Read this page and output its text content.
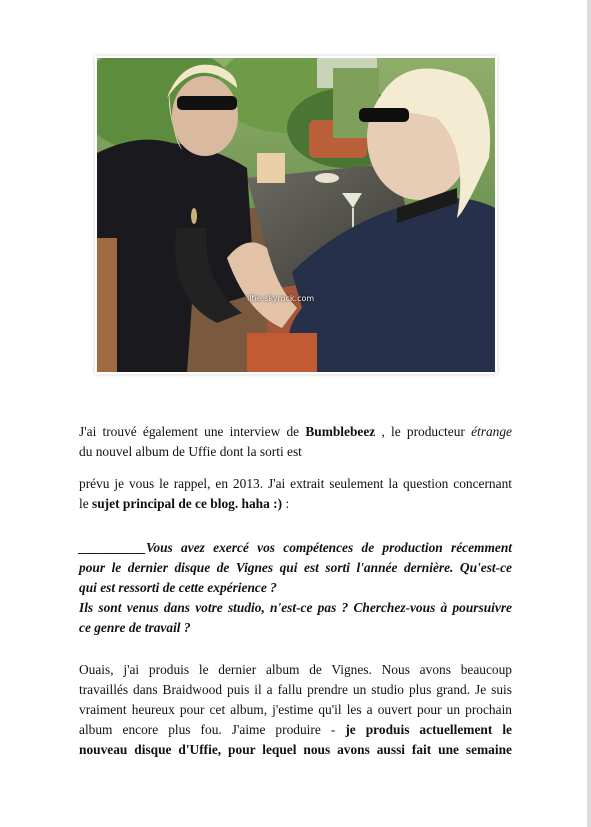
lltie.skyrock.com
J'ai trouvé également une interview de Bumblebeez , le producteur étrange
du nouvel album de Uffie dont la sorti est
prévu je vous le rappel, en 2013. J'ai extrait seulement la question concernant
le sujet principal de ce blog. haha :) :
__________Vous avez exercé vos compétences de production récemment
pour le dernier disque de Vignes qui est sorti l'année dernière. Qu'est-ce
qui est ressorti de cette expérience ?
Ils sont venus dans votre studio, n'est-ce pas ? Cherchez-vous à poursuivre
ce genre de travail ?
Ouais, j'ai produis le dernier album de Vignes. Nous avons beaucoup
travaillés dans Braidwood puis il a fallu prendre un studio plus grand. Je suis
vraiment heureux pour cet album, j'estime qu'il les a ouvert pour un prochain
album encore plus fou. J'aime produire - je produis actuellement le
nouveau disque d'Uffie, pour lequel nous avons aussi fait une semaine
